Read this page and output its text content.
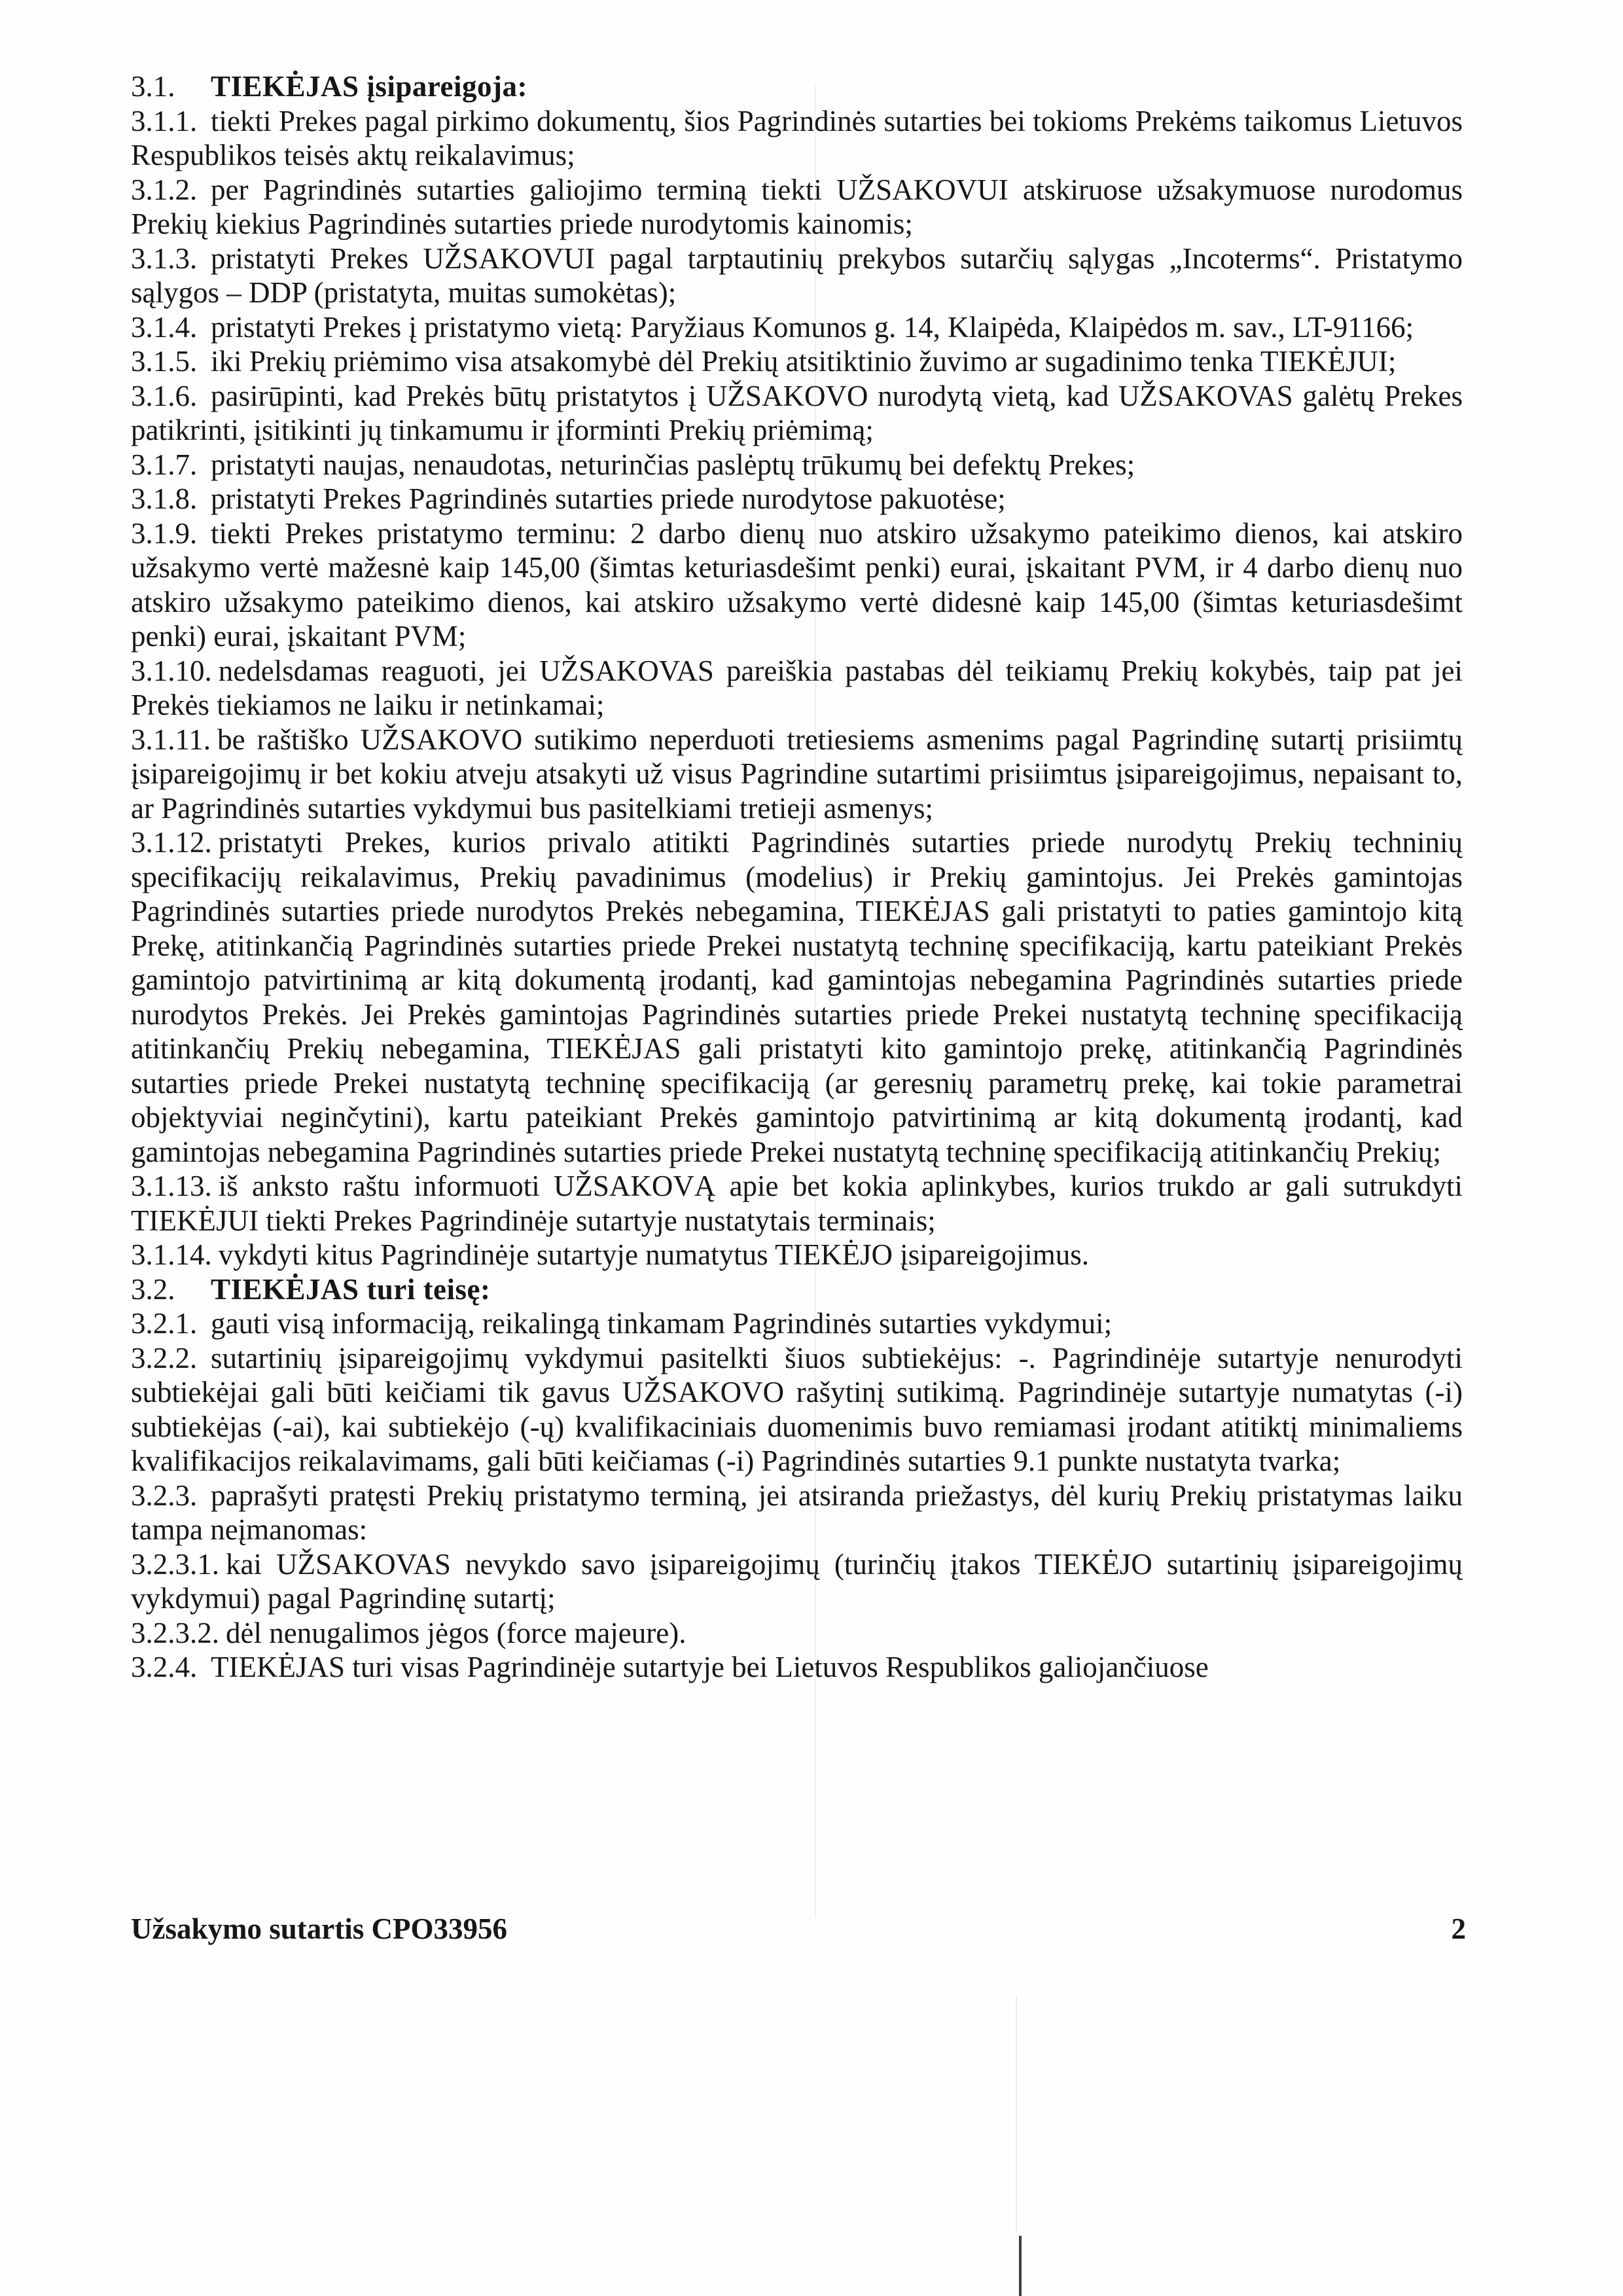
3.1. TIEKĖJAS įsipareigoja:

3.1.1. tiekti Prekes pagal pirkimo dokumentų, šios Pagrindinės sutarties bei tokioms Prekėms taikomus Lietuvos Respublikos teisės aktų reikalavimus;

3.1.2. per Pagrindinės sutarties galiojimo terminą tiekti UŽSAKOVUI atskiruose užsakymuose nurodomus Prekių kiekius Pagrindinės sutarties priede nurodytomis kainomis;

3.1.3. pristatyti Prekes UŽSAKOVUI pagal tarptautinių prekybos sutarčių sąlygas „Incoterms“. Pristatymo sąlygos – DDP (pristatyta, muitas sumokėtas);

3.1.4. pristatyti Prekes į pristatymo vietą: Paryžiaus Komunos g. 14, Klaipėda, Klaipėdos m. sav., LT-91166;

3.1.5. iki Prekių priėmimo visa atsakomybė dėl Prekių atsitiktinio žuvimo ar sugadinimo tenka TIEKĖJUI;

3.1.6. pasirūpinti, kad Prekės būtų pristatytos į UŽSAKOVO nurodytą vietą, kad UŽSAKOVAS galėtų Prekes patikrinti, įsitikinti jų tinkamumu ir įforminti Prekių priėmimą;

3.1.7. pristatyti naujas, nenaudotas, neturinčias paslėptų trūkumų bei defektų Prekes;

3.1.8. pristatyti Prekes Pagrindinės sutarties priede nurodytose pakuotėse;

3.1.9. tiekti Prekes pristatymo terminu: 2 darbo dienų nuo atskiro užsakymo pateikimo dienos, kai atskiro užsakymo vertė mažesnė kaip 145,00 (šimtas keturiasdešimt penki) eurai, įskaitant PVM, ir 4 darbo dienų nuo atskiro užsakymo pateikimo dienos, kai atskiro užsakymo vertė didesnė kaip 145,00 (šimtas keturiasdešimt penki) eurai, įskaitant PVM;

3.1.10. nedelsdamas reaguoti, jei UŽSAKOVAS pareiškia pastabas dėl teikiamų Prekių kokybės, taip pat jei Prekės tiekiamos ne laiku ir netinkamai;

3.1.11. be raštiško UŽSAKOVO sutikimo neperduoti tretiesiems asmenims pagal Pagrindinę sutartį prisiimtų įsipareigojimų ir bet kokiu atveju atsakyti už visus Pagrindine sutartimi prisiimtus įsipareigojimus, nepaisant to, ar Pagrindinės sutarties vykdymui bus pasitelkiami tretieji asmenys;

3.1.12. pristatyti Prekes, kurios privalo atitikti Pagrindinės sutarties priede nurodytų Prekių techninių specifikacijų reikalavimus, Prekių pavadinimus (modelius) ir Prekių gamintojus. Jei Prekės gamintojas Pagrindinės sutarties priede nurodytos Prekės nebegamina, TIEKĖJAS gali pristatyti to paties gamintojo kitą Prekę, atitinkančią Pagrindinės sutarties priede Prekei nustatytą techninę specifikaciją, kartu pateikiant Prekės gamintojo patvirtinimą ar kitą dokumentą įrodantį, kad gamintojas nebegamina Pagrindinės sutarties priede nurodytos Prekės. Jei Prekės gamintojas Pagrindinės sutarties priede Prekei nustatytą techninę specifikaciją atitinkančių Prekių nebegamina, TIEKĖJAS gali pristatyti kito gamintojo prekę, atitinkančią Pagrindinės sutarties priede Prekei nustatytą techninę specifikaciją (ar geresnių parametrų prekę, kai tokie parametrai objektyviai neginčytini), kartu pateikiant Prekės gamintojo patvirtinimą ar kitą dokumentą įrodantį, kad gamintojas nebegamina Pagrindinės sutarties priede Prekei nustatytą techninę specifikaciją atitinkančių Prekių;

3.1.13. iš anksto raštu informuoti UŽSAKOVĄ apie bet kokia aplinkybes, kurios trukdo ar gali sutrukdyti TIEKĖJUI tiekti Prekes Pagrindinėje sutartyje nustatytais terminais;

3.1.14. vykdyti kitus Pagrindinėje sutartyje numatytus TIEKĖJO įsipareigojimus.

3.2. TIEKĖJAS turi teisę:

3.2.1. gauti visą informaciją, reikalingą tinkamam Pagrindinės sutarties vykdymui;

3.2.2. sutartinių įsipareigojimų vykdymui pasitelkti šiuos subtiekėjus: -. Pagrindinėje sutartyje nenurodyti subtiekėjai gali būti keičiami tik gavus UŽSAKOVO rašytinį sutikimą. Pagrindinėje sutartyje numatytas (-i) subtiekėjas (-ai), kai subtiekėjo (-ų) kvalifikaciniais duomenimis buvo remiamasi įrodant atitiktį minimaliems kvalifikacijos reikalavimams, gali būti keičiamas (-i) Pagrindinės sutarties 9.1 punkte nustatyta tvarka;

3.2.3. paprašyti pratęsti Prekių pristatymo terminą, jei atsiranda priežastys, dėl kurių Prekių pristatymas laiku tampa neįmanomas:

3.2.3.1. kai UŽSAKOVAS nevykdo savo įsipareigojimų (turinčių įtakos TIEKĖJO sutartinių įsipareigojimų vykdymui) pagal Pagrindinę sutartį;

3.2.3.2. dėl nenugalimos jėgos (force majeure).

3.2.4. TIEKĖJAS turi visas Pagrindinėje sutartyje bei Lietuvos Respublikos galiojančiuose

Užsakymo sutartis CPO33956	2
